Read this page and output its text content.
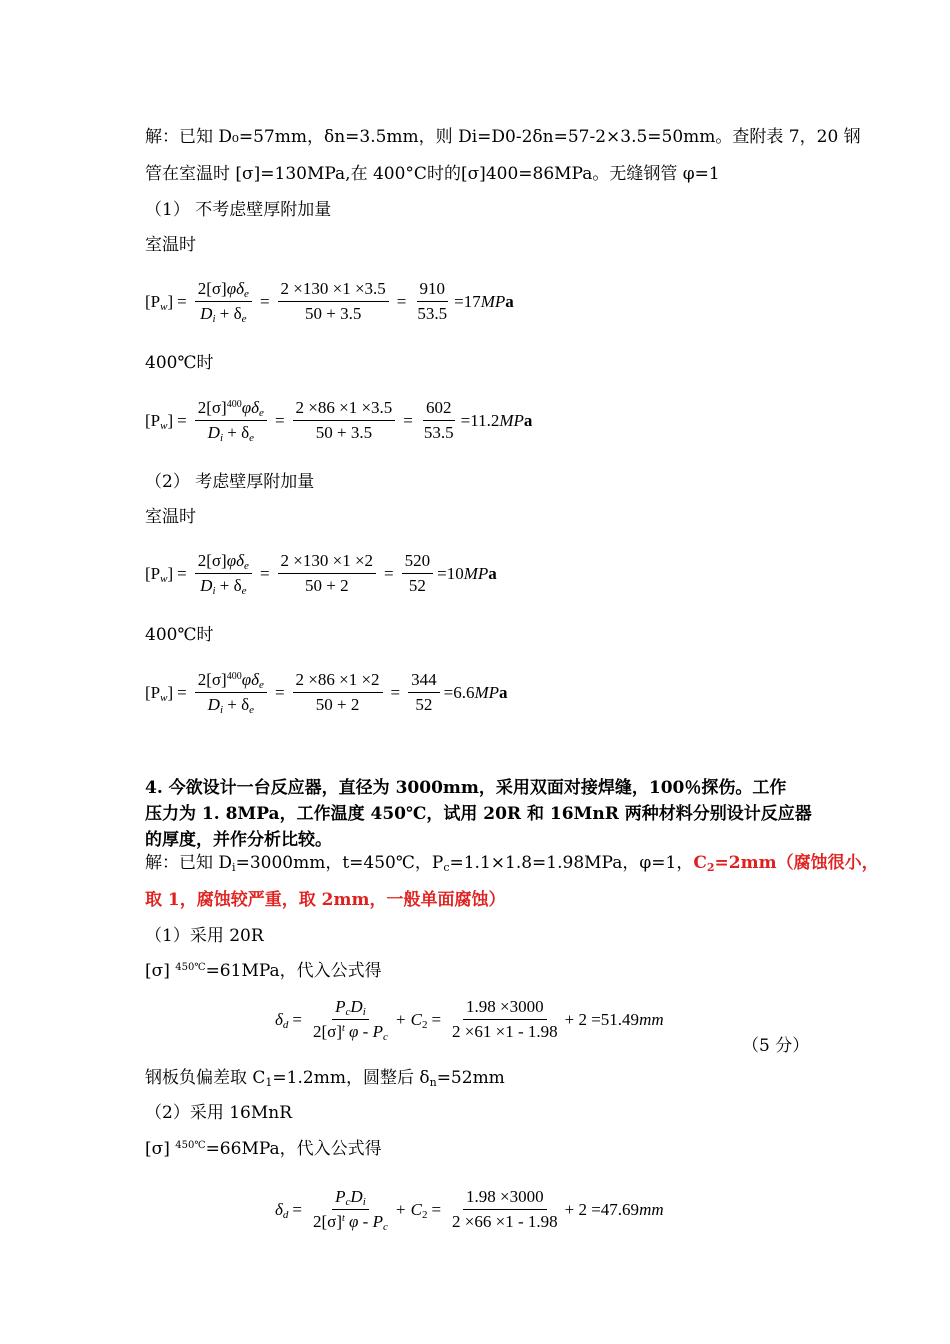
解：已知 D₀=57mm，δn=3.5mm，则 Di=D0-2δn=57-2×3.5=50mm。查附表 7，20 钢
管在室温时 [σ]=130MPa,在 400°C时的[σ]400=86MPa。无缝钢管 φ=1
（1） 不考虑壁厚附加量
室温时
$[P_w] = \frac{2[\sigma]\varphi\delta_e}{D_i + \delta_e} = \frac{2 \times 130 \times 1 \times 3.5}{50 + 3.5} = \frac{910}{53.5} =17MPa$
400℃时
$[P_w] = \frac{2[\sigma]^{400}\varphi\delta_e}{D_i + \delta_e} = \frac{2 \times 86 \times 1 \times 3.5}{50 + 3.5} = \frac{602}{53.5} =11.2MPa$
（2） 考虑壁厚附加量
室温时
$[P_w] = \frac{2[\sigma]\varphi\delta_e}{D_i + \delta_e} = \frac{2 \times 130 \times 1 \times 2}{50 + 2} = \frac{520}{52} =10MPa$
400℃时
$[P_w] = \frac{2[\sigma]^{400}\varphi\delta_e}{D_i + \delta_e} = \frac{2 \times 86 \times 1 \times 2}{50 + 2} = \frac{344}{52} =6.6MPa$
4. 今欲设计一台反应器，直径为 3000mm，采用双面对接焊缝，100％探伤。工作
压力为 1. 8MPa，工作温度 450℃，试用 20R 和 16MnR 两种材料分别设计反应器
的厚度，并作分析比较。
解：已知 $D_i=3000mm$，t=450℃，$P_c=1.1\times 1.8=1.98MPa$，φ=1，$C_2=2mm$（腐蚀很小，
取 1，腐蚀较严重，取 2mm，一般单面腐蚀）
（1）采用 20R
[σ] $^{450℃}$=61MPa，代入公式得
$\delta_d = \frac{P_cD_i}{2[\sigma]^t \varphi - P_c} + C_2 = \frac{1.98 \times 3000}{2 \times 61 \times 1 - 1.98} + 2 =51.49mm$
（5 分）
钢板负偏差取 $C_1=1.2mm$，圆整后 $\delta_n=52mm$
（2）采用 16MnR
[σ] $^{450℃}$=66MPa，代入公式得
$\delta_d = \frac{P_cD_i}{2[\sigma]^t \varphi - P_c} + C_2 = \frac{1.98 \times 3000}{2 \times 66 \times 1 - 1.98} + 2 =47.69mm$
